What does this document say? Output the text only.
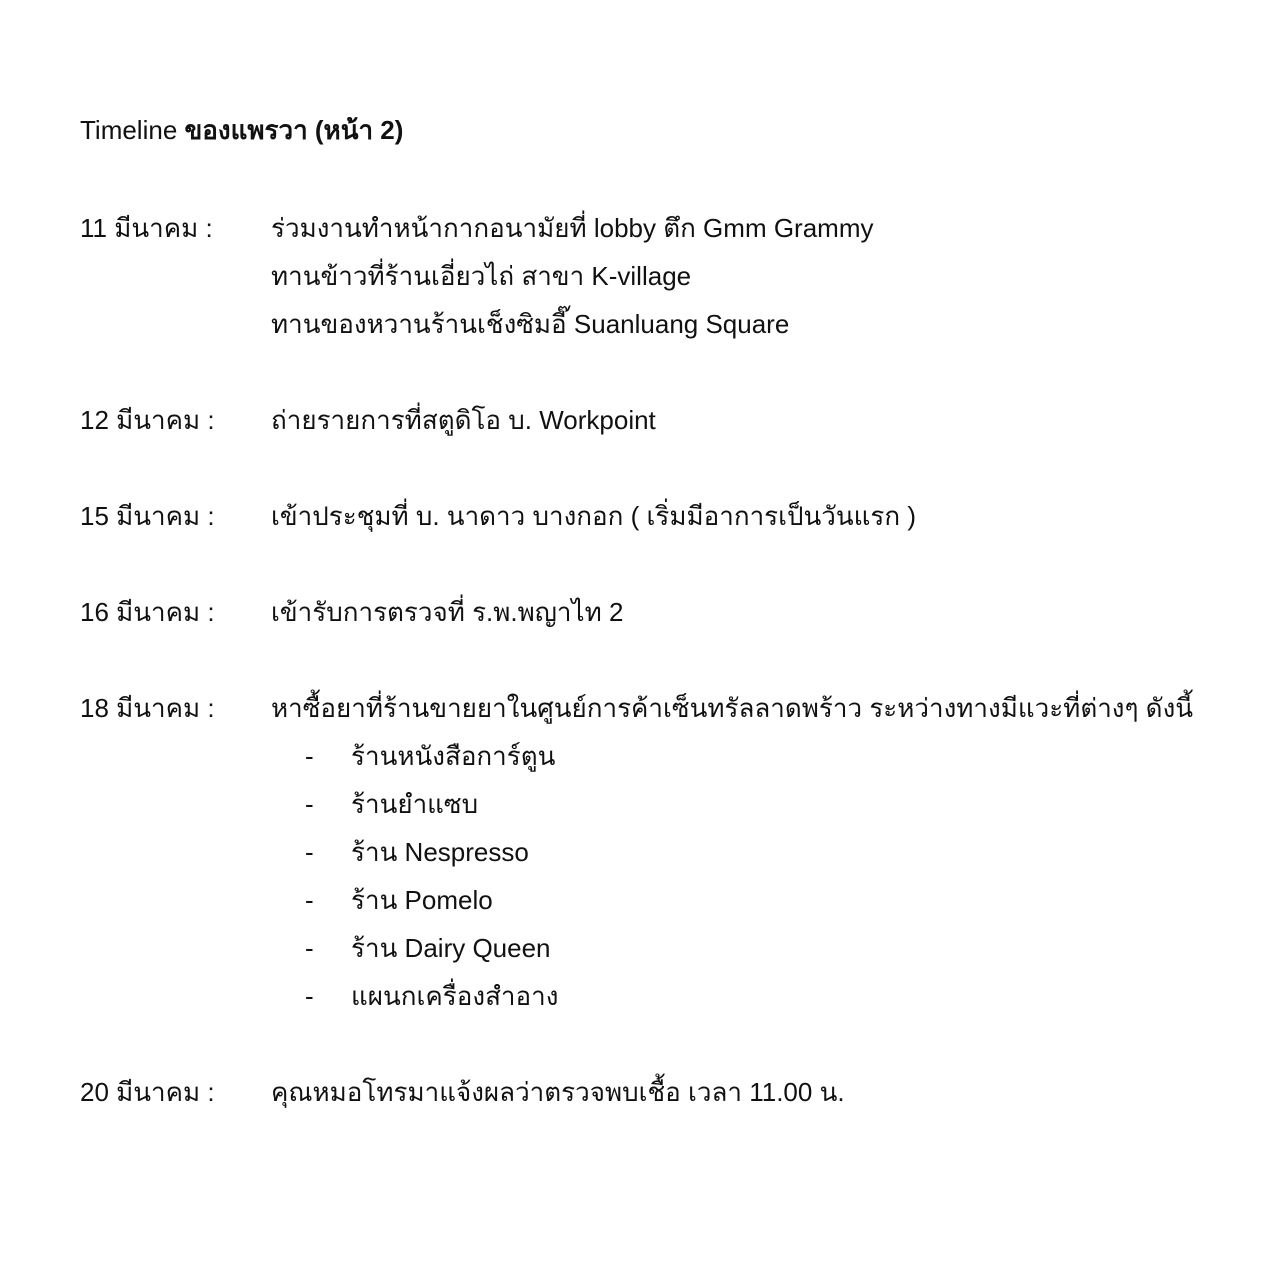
Timeline ของแพรวา (หน้า 2)
11 มีนาคม : ร่วมงานทำหน้ากากอนามัยที่ lobby ตึก Gmm Grammy
ทานข้าวที่ร้านเอี่ยวไถ่ สาขา K-village
ทานของหวานร้านเช็งซิมอี๊ Suanluang Square
12 มีนาคม : ถ่ายรายการที่สตูดิโอ บ. Workpoint
15 มีนาคม : เข้าประชุมที่ บ. นาดาว บางกอก ( เริ่มมีอาการเป็นวันแรก )
16 มีนาคม : เข้ารับการตรวจที่ ร.พ.พญาไท 2
18 มีนาคม : หาซื้อยาที่ร้านขายยาในศูนย์การค้าเซ็นทรัลลาดพร้าว ระหว่างทางมีแวะที่ต่างๆ ดังนี้
- ร้านหนังสือการ์ตูน
- ร้านยำแซบ
- ร้าน Nespresso
- ร้าน Pomelo
- ร้าน Dairy Queen
- แผนกเครื่องสำอาง
20 มีนาคม : คุณหมอโทรมาแจ้งผลว่าตรวจพบเชื้อ เวลา 11.00 น.
